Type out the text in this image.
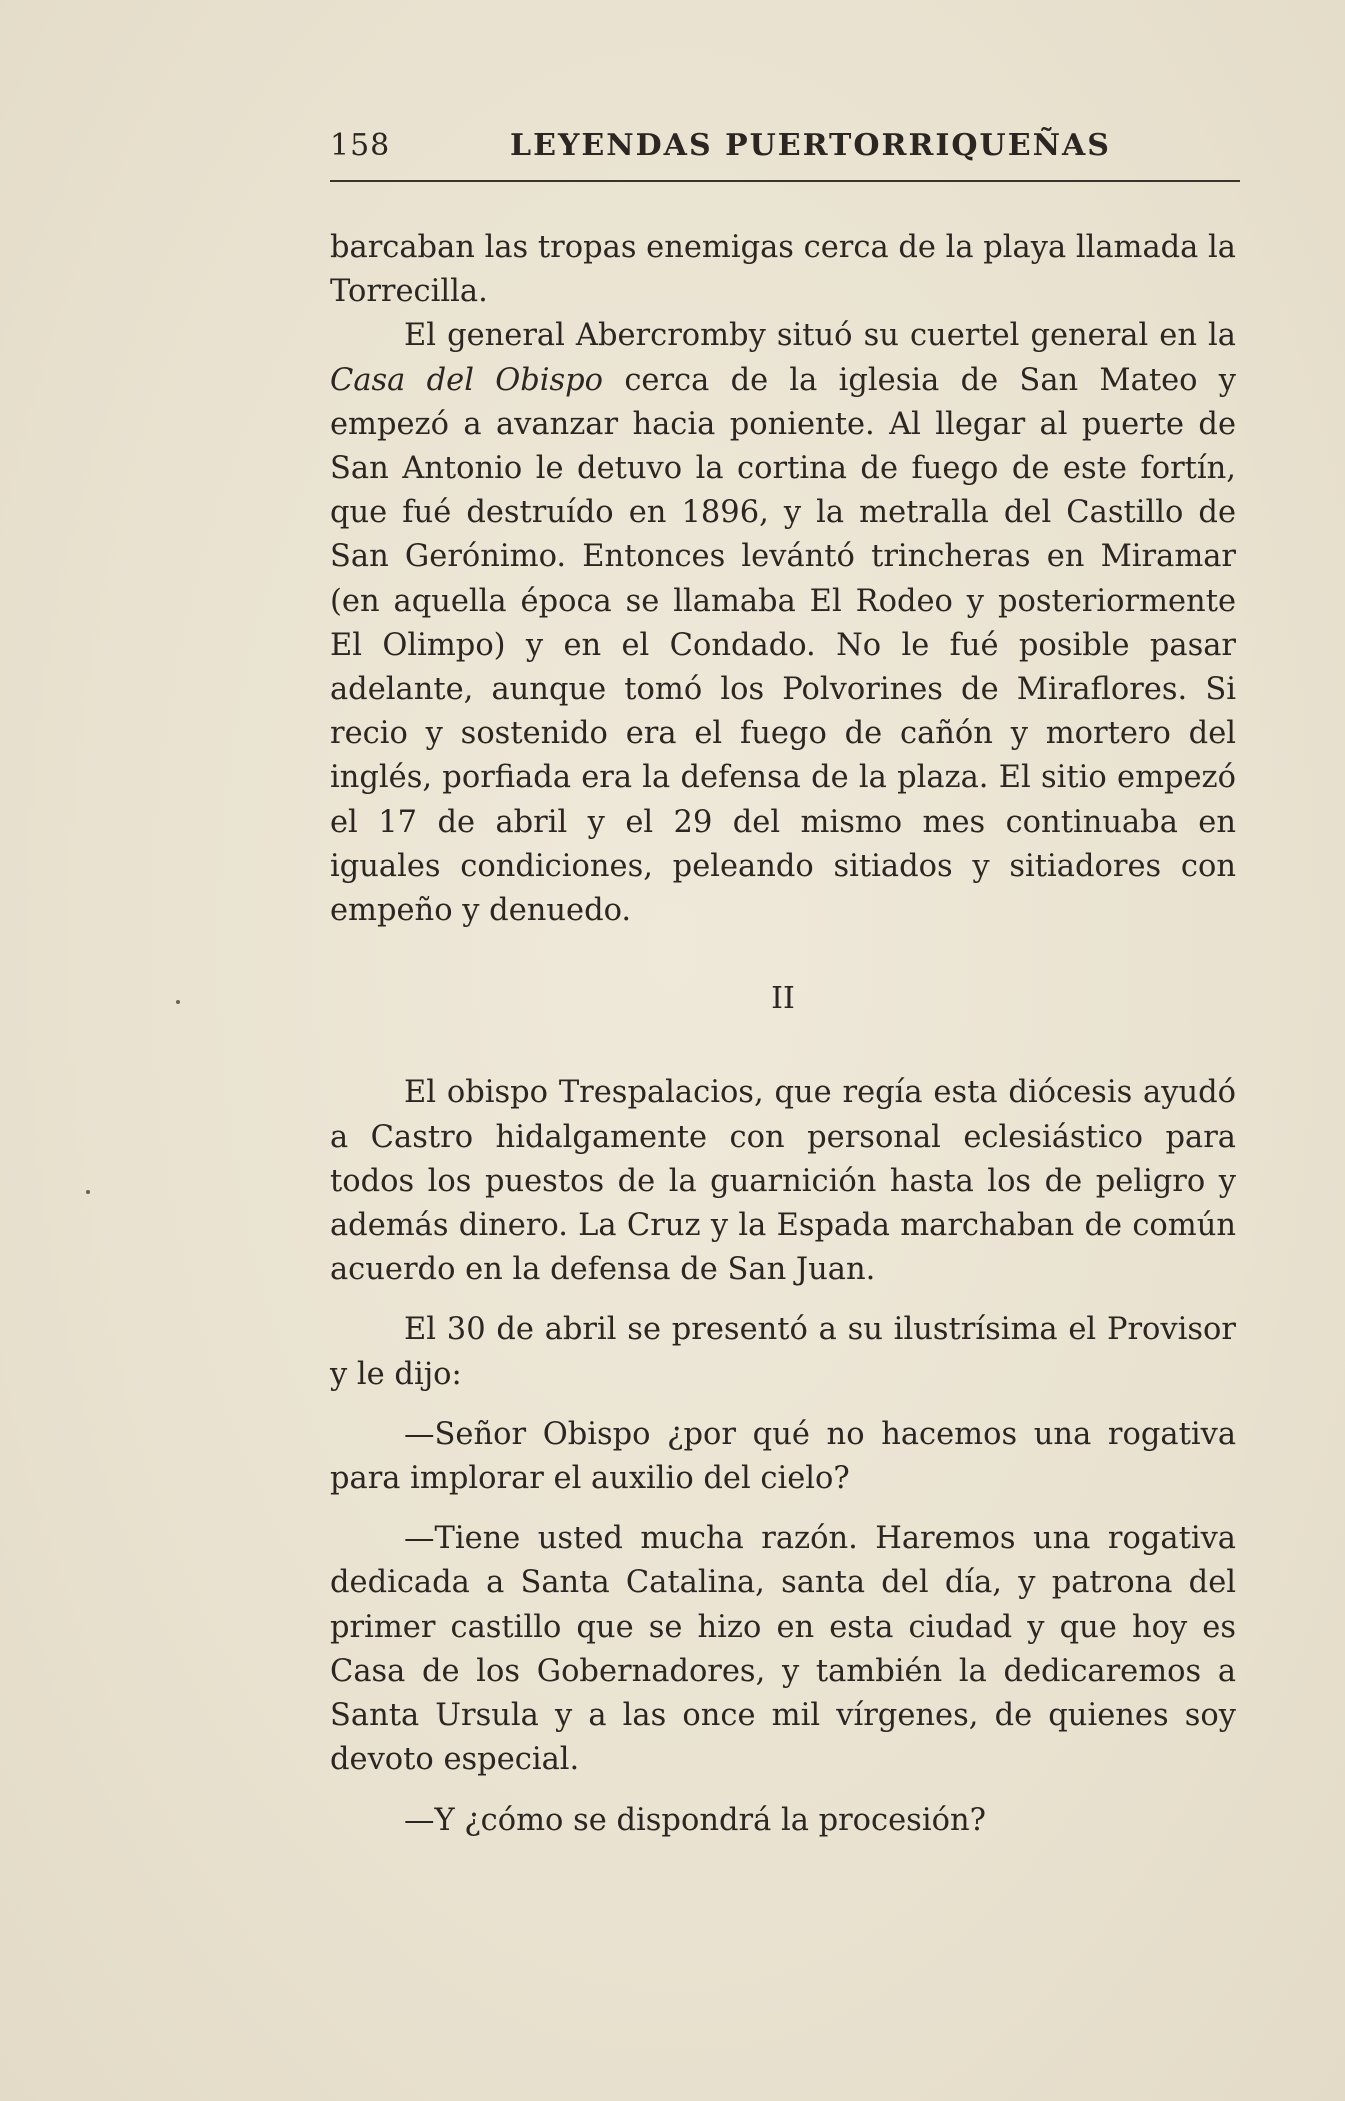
158	LEYENDAS PUERTORRIQUEÑAS

barcaban las tropas enemigas cerca de la playa llamada la Torrecilla.

El general Abercromby situó su cuertel general en la Casa del Obispo cerca de la iglesia de San Mateo y empezó a avanzar hacia poniente. Al llegar al puerte de San Antonio le detuvo la cortina de fuego de este fortín, que fué destruído en 1896, y la metralla del Castillo de San Gerónimo. Entonces levántó trincheras en Miramar (en aquella época se llamaba El Rodeo y posteriormente El Olimpo) y en el Condado. No le fué posible pasar adelante, aunque tomó los Polvorines de Miraflores. Si recio y sostenido era el fuego de cañón y mortero del inglés, porfiada era la defensa de la plaza. El sitio empezó el 17 de abril y el 29 del mismo mes continuaba en iguales condiciones, peleando sitiados y sitiadores con empeño y denuedo.

II

El obispo Trespalacios, que regía esta diócesis ayudó a Castro hidalgamente con personal eclesiástico para todos los puestos de la guarnición hasta los de peligro y además dinero. La Cruz y la Espada marchaban de común acuerdo en la defensa de San Juan.

El 30 de abril se presentó a su ilustrísima el Provisor y le dijo:

—Señor Obispo ¿por qué no hacemos una rogativa para implorar el auxilio del cielo?

—Tiene usted mucha razón. Haremos una rogativa dedicada a Santa Catalina, santa del día, y patrona del primer castillo que se hizo en esta ciudad y que hoy es Casa de los Gobernadores, y también la dedicaremos a Santa Ursula y a las once mil vírgenes, de quienes soy devoto especial.

—Y ¿cómo se dispondrá la procesión?
